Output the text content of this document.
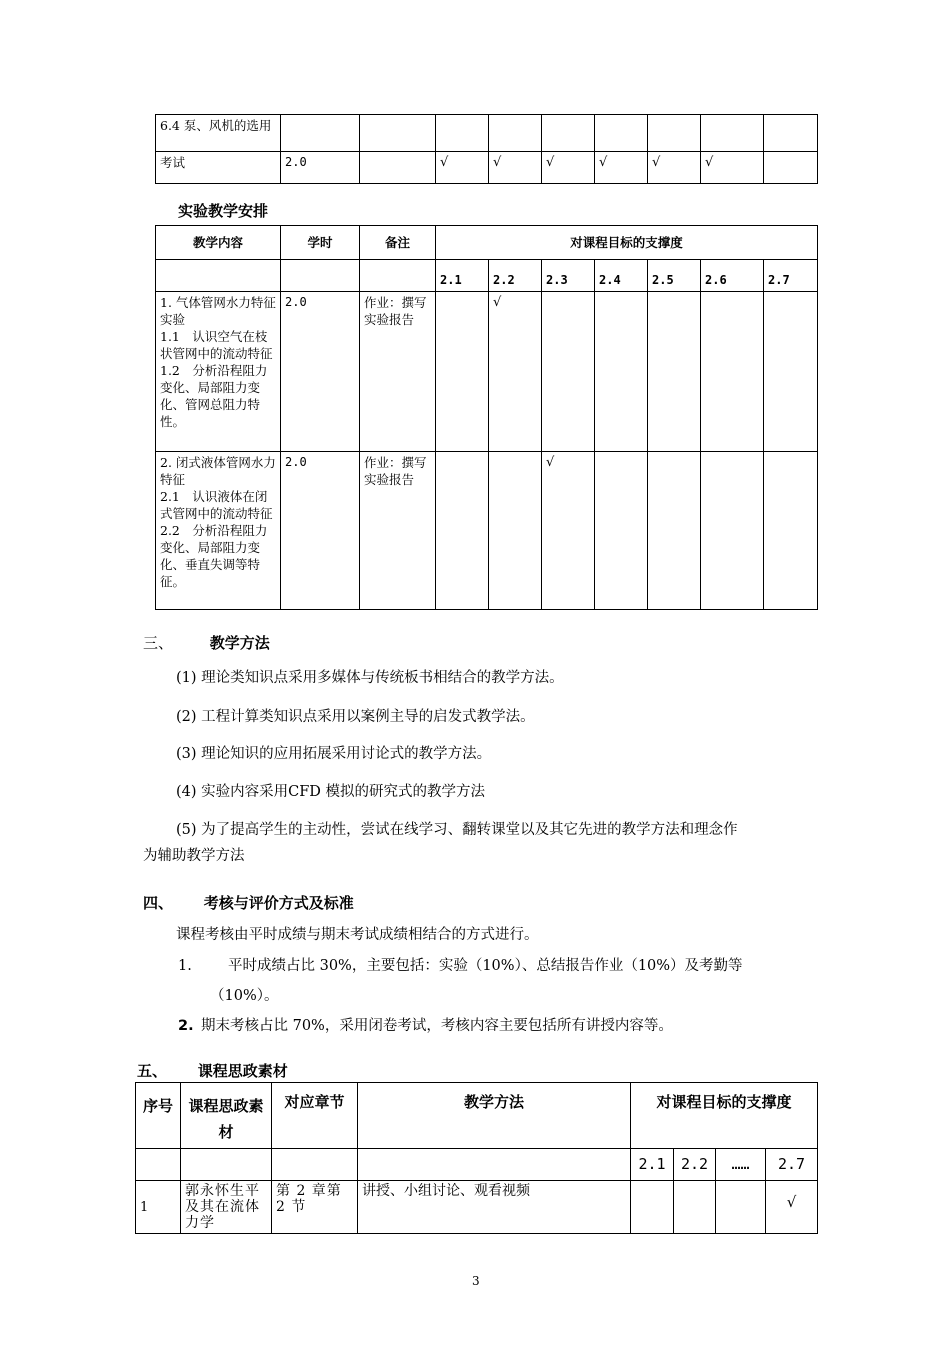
6.4 泵、风机的选用									
考试	2.0		√	√	√	√	√	√	
实验教学安排
教学内容	学时	备注	对课程目标的支撑度						
			2.1	2.2	2.3	2.4	2.5	2.6	2.7
1. 气体管网水力特征实验
1.1　认识空气在枝状管网中的流动特征
1.2　分析沿程阻力变化、局部阻力变化、管网总阻力特性。	2.0	作业：撰写实验报告		√					
2. 闭式液体管网水力特征
2.1　认识液体在闭式管网中的流动特征
2.2　分析沿程阻力变化、局部阻力变化、垂直失调等特征。	2.0	作业：撰写实验报告			√				
三、 教学方法
(1) 理论类知识点采用多媒体与传统板书相结合的教学方法。
(2) 工程计算类知识点采用以案例主导的启发式教学法。
(3) 理论知识的应用拓展采用讨论式的教学方法。
(4) 实验内容采用CFD 模拟的研究式的教学方法
(5) 为了提高学生的主动性，尝试在线学习、翻转课堂以及其它先进的教学方法和理念作
为辅助教学方法
四、 考核与评价方式及标准
课程考核由平时成绩与期末考试成绩相结合的方式进行。
1. 平时成绩占比 30%，主要包括：实验（10%）、总结报告作业（10%）及考勤等
（10%）。
2. 期末考核占比 70%，采用闭卷考试，考核内容主要包括所有讲授内容等。
五、 课程思政素材
序号	课程思政素材	对应章节	教学方法	对课程目标的支撑度			
				2.1	2.2	……	2.7
1	郭永怀生平及其在流体力学	第 2 章第 2 节	讲授、小组讨论、观看视频				√
3
